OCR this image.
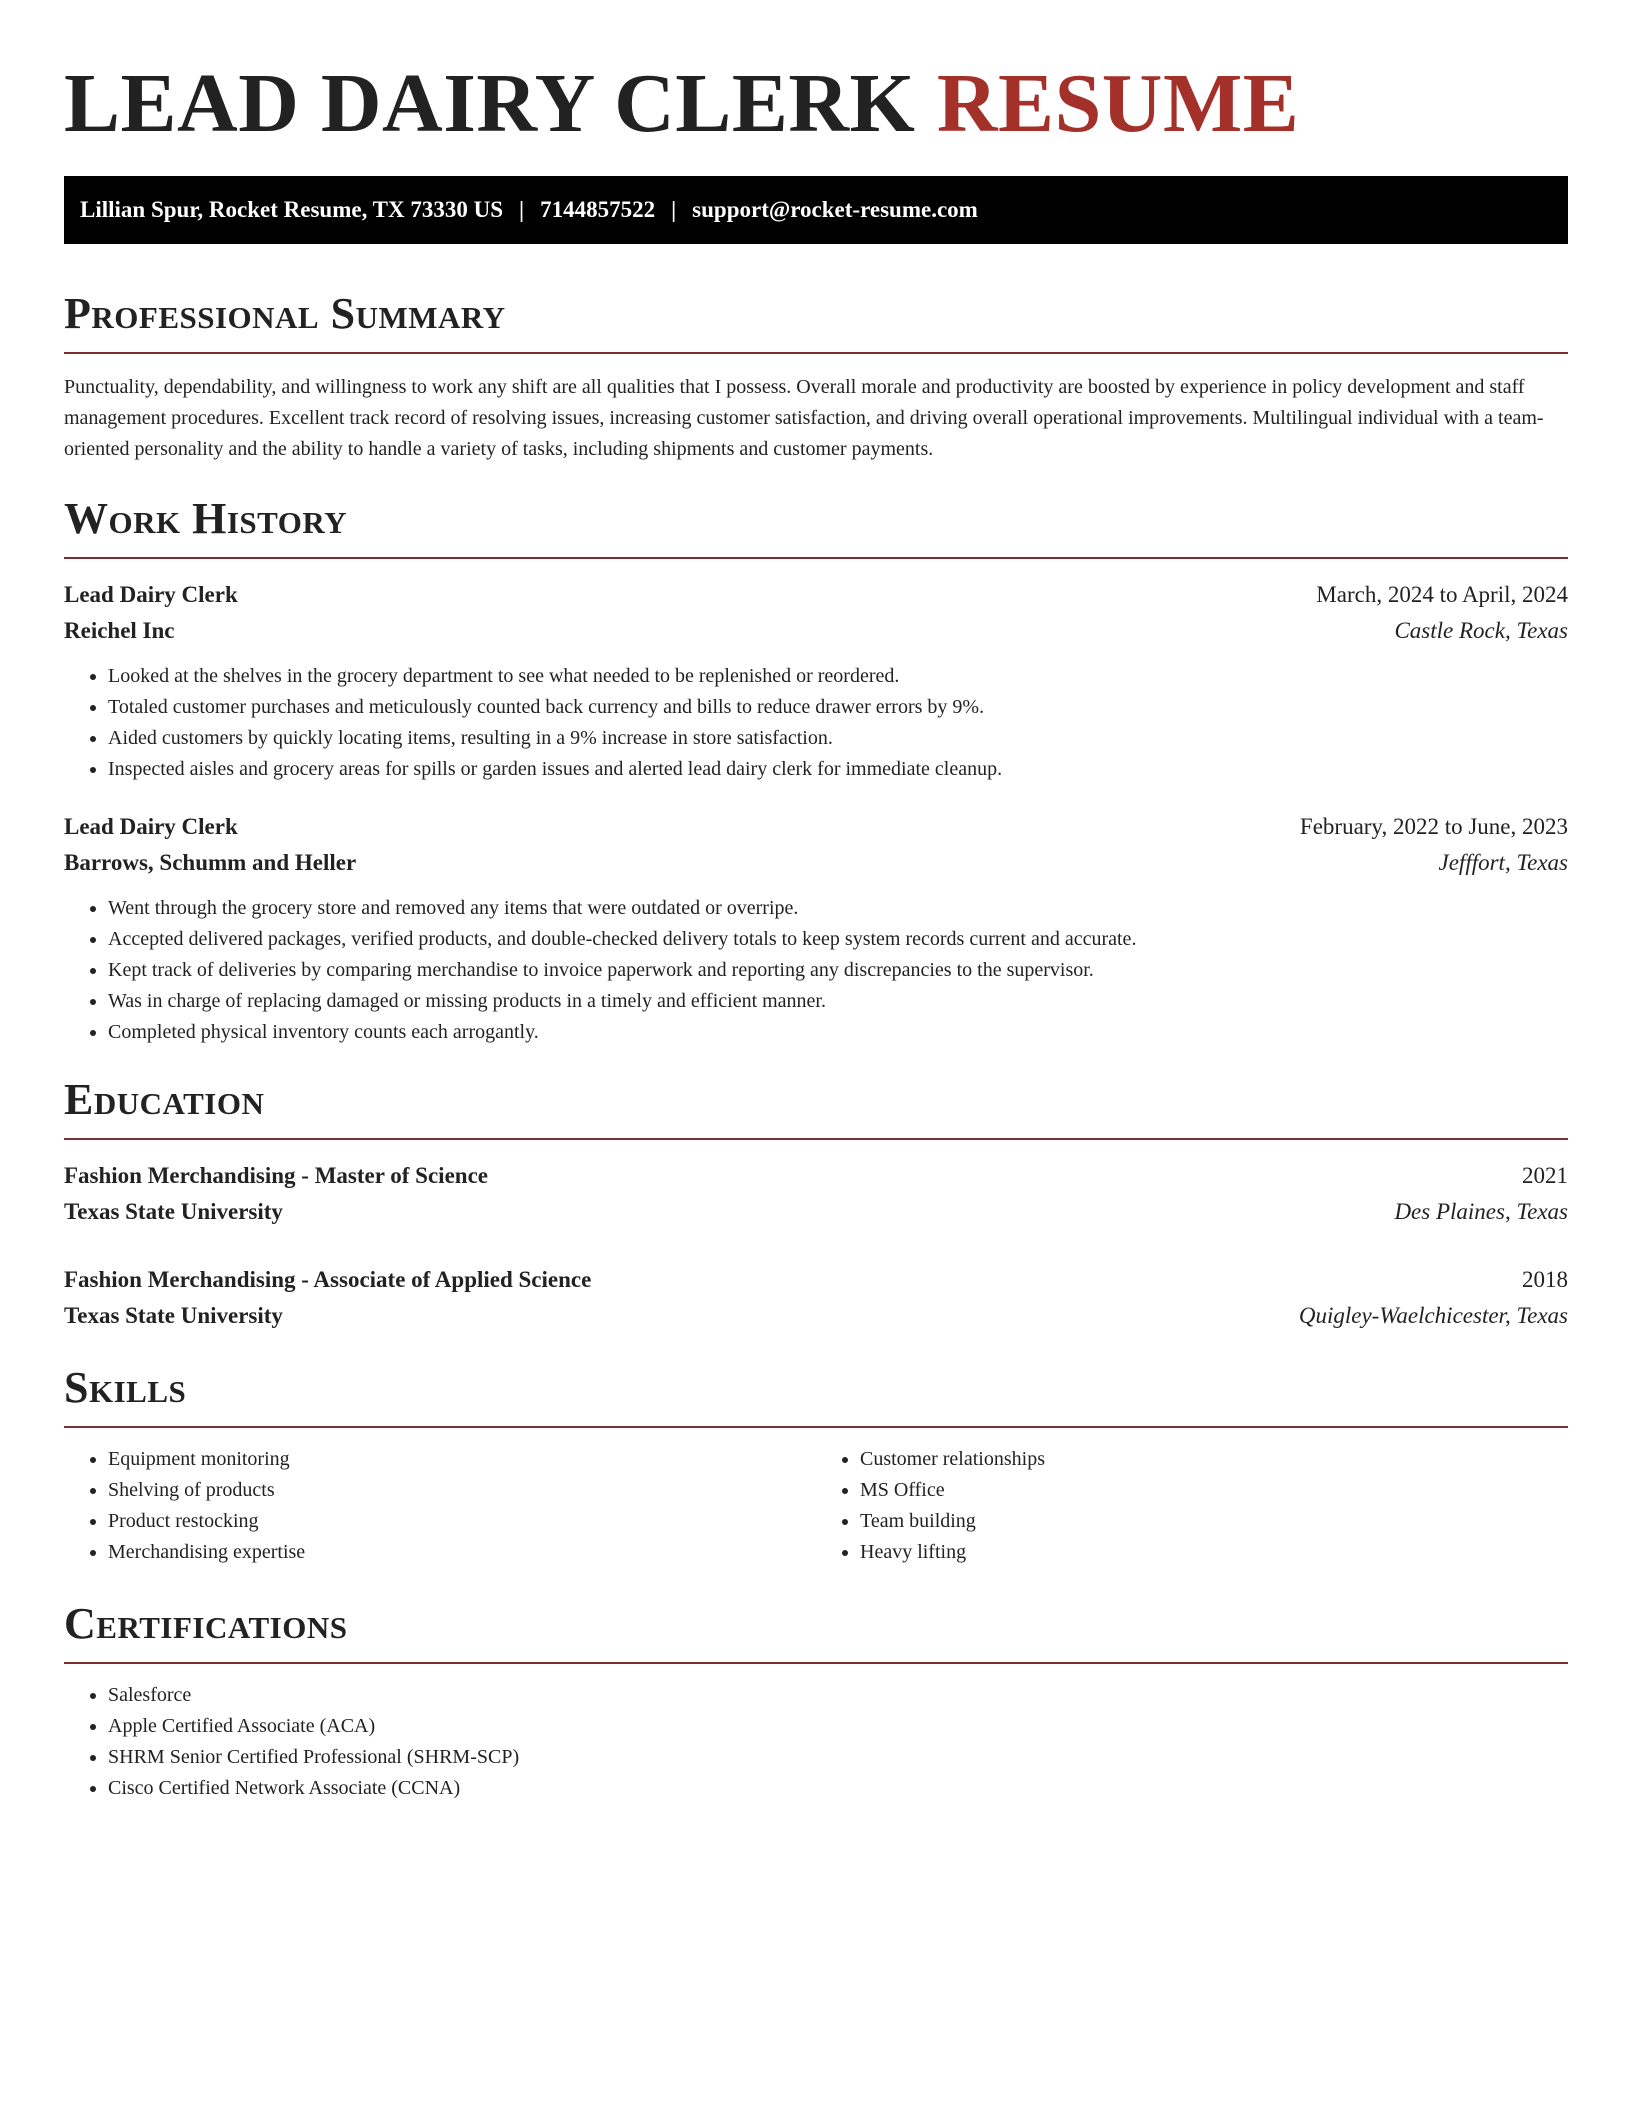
LEAD DAIRY CLERK RESUME
Lillian Spur, Rocket Resume, TX 73330 US | 7144857522 | support@rocket-resume.com
Professional Summary

Punctuality, dependability, and willingness to work any shift are all qualities that I possess. Overall morale and productivity are boosted by experience in policy development and staff management procedures. Excellent track record of resolving issues, increasing customer satisfaction, and driving overall operational improvements. Multilingual individual with a team-oriented personality and the ability to handle a variety of tasks, including shipments and customer payments.

Work History
Lead Dairy Clerk	March, 2024 to April, 2024
Reichel Inc	Castle Rock, Texas
• Looked at the shelves in the grocery department to see what needed to be replenished or reordered.
• Totaled customer purchases and meticulously counted back currency and bills to reduce drawer errors by 9%.
• Aided customers by quickly locating items, resulting in a 9% increase in store satisfaction.
• Inspected aisles and grocery areas for spills or garden issues and alerted lead dairy clerk for immediate cleanup.
Lead Dairy Clerk	February, 2022 to June, 2023
Barrows, Schumm and Heller	Jefffort, Texas
• Went through the grocery store and removed any items that were outdated or overripe.
• Accepted delivered packages, verified products, and double-checked delivery totals to keep system records current and accurate.
• Kept track of deliveries by comparing merchandise to invoice paperwork and reporting any discrepancies to the supervisor.
• Was in charge of replacing damaged or missing products in a timely and efficient manner.
• Completed physical inventory counts each arrogantly.
Education
Fashion Merchandising - Master of Science	2021
Texas State University	Des Plaines, Texas
Fashion Merchandising - Associate of Applied Science	2018
Texas State University	Quigley-Waelchicester, Texas
Skills
• Equipment monitoring
• Shelving of products
• Product restocking
• Merchandising expertise
• Customer relationships
• MS Office
• Team building
• Heavy lifting
Certifications
• Salesforce
• Apple Certified Associate (ACA)
• SHRM Senior Certified Professional (SHRM-SCP)
• Cisco Certified Network Associate (CCNA)
